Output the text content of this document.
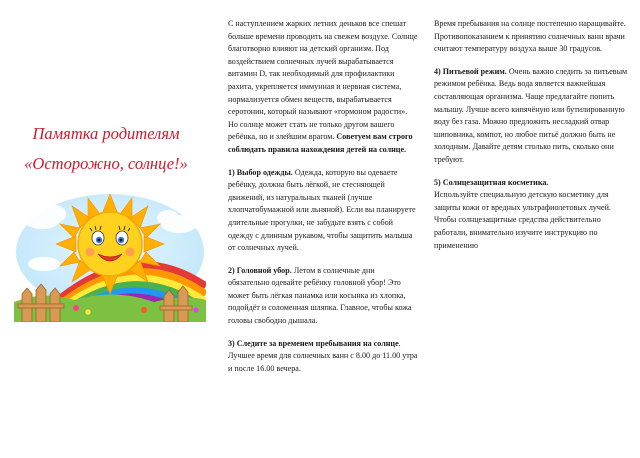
Памятка родителям
«Осторожно, солнце!»

С наступлением жарких летних деньков все спешат больше времени проводить на свежем воздухе. Солнце благотворно влияют на детский организм. Под воздействием солнечных лучей вырабатывается витамин D, так необходимый для профилактики рахита, укрепляется иммунная и нервная система, нормализуется обмен веществ, вырабатывается серотонин, который называют «гормоном радости». Но солнце может стать не только другом вашего ребёнка, но и злейшим врагом. Советуем вам строго соблюдать правила нахождения детей на солнце.

1) Выбор одежды. Одежда, которую вы одеваете ребёнку, должна быть лёгкой, не стесняющей движений, из натуральных тканей (лучше хлопчатобумажной или льняной). Если вы планируете длительные прогулки, не забудьте взять с собой одежду с длинным рукавом, чтобы защитить малыша от солнечных лучей.

2) Головной убор. Летом в солнечные дни обязательно одевайте ребёнку головной убор! Это может быть лёгкая панамка или косынка из хлопка, подойдёт и соломенная шляпка. Главное, чтобы кожа головы свободно дышала.

3) Следите за временем пребывания на солнце. Лучшее время для солнечных ванн с 8.00 до 11.00 утра и после 16.00 вечера.

Время пребывания на солнце постепенно наращивайте. Противопоказанием к принятию солнечных ванн врачи считают температуру воздуха выше 30 градусов.

4) Питьевой режим. Очень важно следить за питьевым режимом ребёнка. Ведь вода является важнейшая составляющая организма. Чаще предлагайте попить малышу. Лучше всего кипячёную или бутилированную воду без газа. Можно предложить несладкий отвар шиповника, компот, но любое питьё должно быть не холодным. Давайте детям столько пить, сколько они требуют.

5) Солнцезащитная косметика.
Используйте специальную детскую косметику для защиты кожи от вредных ультрафиолетовых лучей. Чтобы солнцезащитные средства действительно работали, внимательно изучите инструкцию по применению
